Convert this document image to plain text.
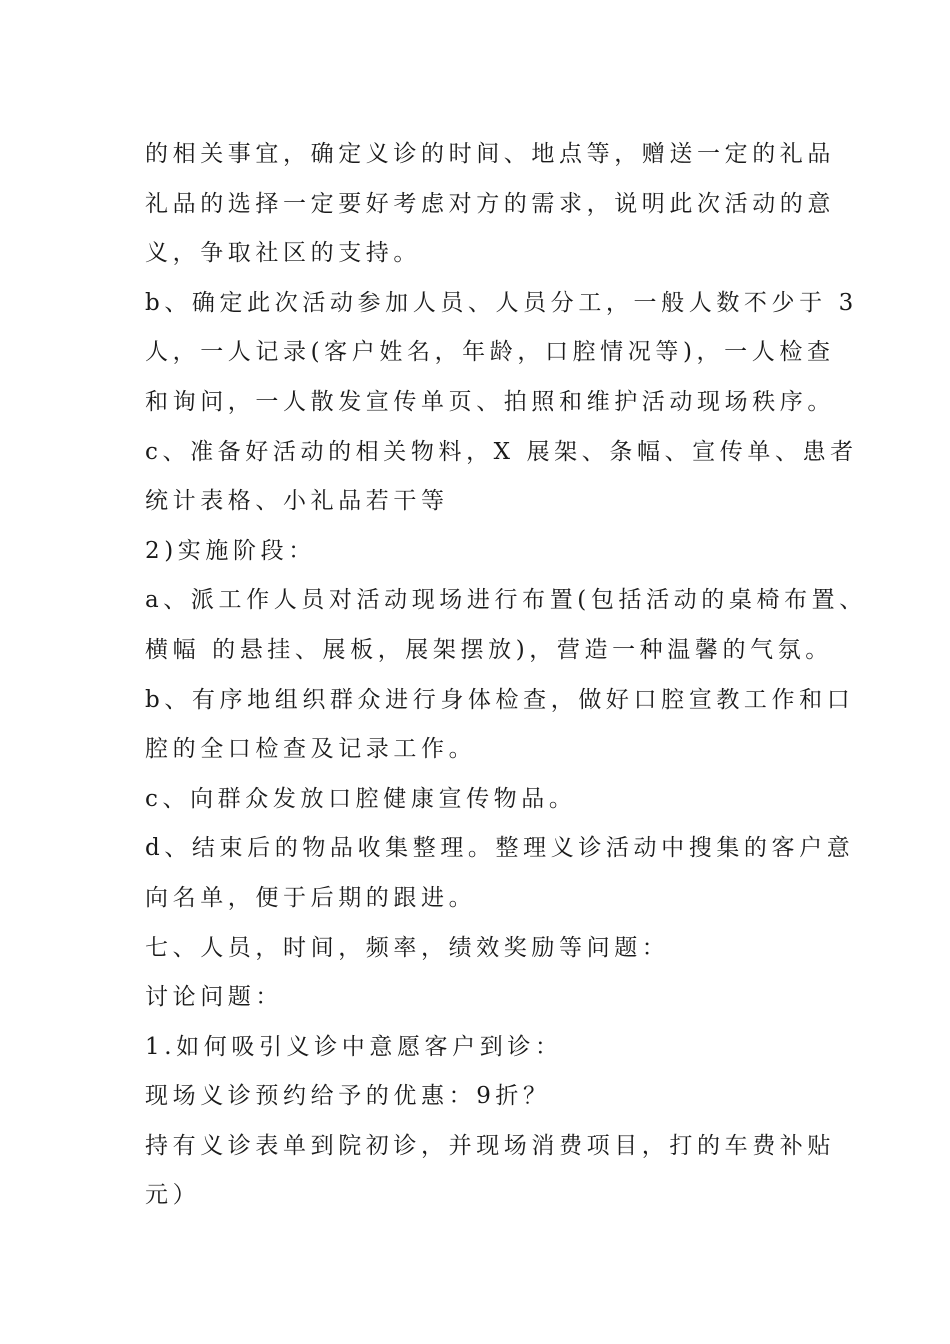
的相关事宜，确定义诊的时间、地点等，赠送一定的礼品
礼品的选择一定要好考虑对方的需求，说明此次活动的意
义，争取社区的支持。
b、确定此次活动参加人员、人员分工，一般人数不少于 3
人，一人记录(客户姓名，年龄，口腔情况等)，一人检查
和询问，一人散发宣传单页、拍照和维护活动现场秩序。
c、准备好活动的相关物料，X 展架、条幅、宣传单、患者
统计表格、小礼品若干等
2)实施阶段：
a、派工作人员对活动现场进行布置(包括活动的桌椅布置、
横幅 的悬挂、展板，展架摆放)，营造一种温馨的气氛。
b、有序地组织群众进行身体检查，做好口腔宣教工作和口
腔的全口检查及记录工作。
c、向群众发放口腔健康宣传物品。
d、结束后的物品收集整理。整理义诊活动中搜集的客户意
向名单，便于后期的跟进。
七、人员，时间，频率，绩效奖励等问题：
讨论问题：
1.如何吸引义诊中意愿客户到诊：
现场义诊预约给予的优惠：9折？
持有义诊表单到院初诊，并现场消费项目，打的车费补贴
元）
